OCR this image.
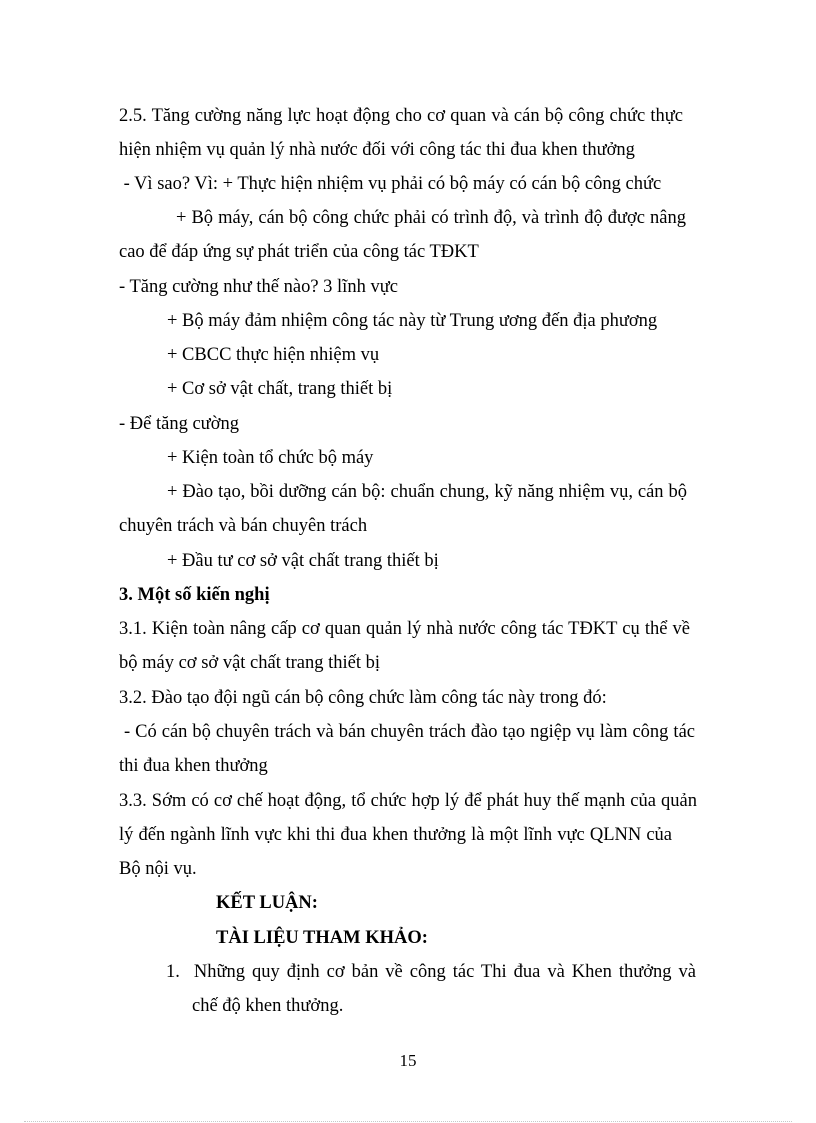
2.5. Tăng cường năng lực hoạt động cho cơ quan và cán bộ công chức thực
hiện nhiệm vụ quản lý nhà nước đối với công tác thi đua khen thưởng
- Vì sao? Vì: + Thực hiện nhiệm vụ phải có bộ máy có cán bộ công chức
+ Bộ máy, cán bộ công chức phải có trình độ, và trình độ được nâng
cao để đáp ứng sự phát triển của công tác TĐKT
- Tăng cường như thế nào? 3 lĩnh vực
+ Bộ máy đảm nhiệm công tác này từ Trung ương đến địa phương
+ CBCC thực hiện nhiệm vụ
+ Cơ sở vật chất, trang thiết bị
- Để tăng cường
+ Kiện toàn tổ chức bộ máy
+ Đào tạo, bồi dưỡng cán bộ: chuẩn chung, kỹ năng nhiệm vụ, cán bộ
chuyên trách và bán chuyên trách
+ Đầu tư cơ sở vật chất trang thiết bị
3. Một số kiến nghị
3.1. Kiện toàn nâng cấp cơ quan quản lý nhà nước công tác TĐKT cụ thể về
bộ máy cơ sở vật chất trang thiết bị
3.2. Đào tạo đội ngũ cán bộ công chức làm công tác này trong đó:
- Có cán bộ chuyên trách và bán chuyên trách đào tạo ngiệp vụ làm công tác
thi đua khen thưởng
3.3. Sớm có cơ chế hoạt động, tổ chức hợp lý để phát huy thế mạnh của quản
lý đến ngành lĩnh vực khi thi đua khen thưởng là một lĩnh vực QLNN của
Bộ nội vụ.
KẾT LUẬN:
TÀI LIỆU THAM KHẢO:
1.  Những quy định cơ bản về công tác Thi đua và Khen thưởng và
chế độ khen thưởng.
15
